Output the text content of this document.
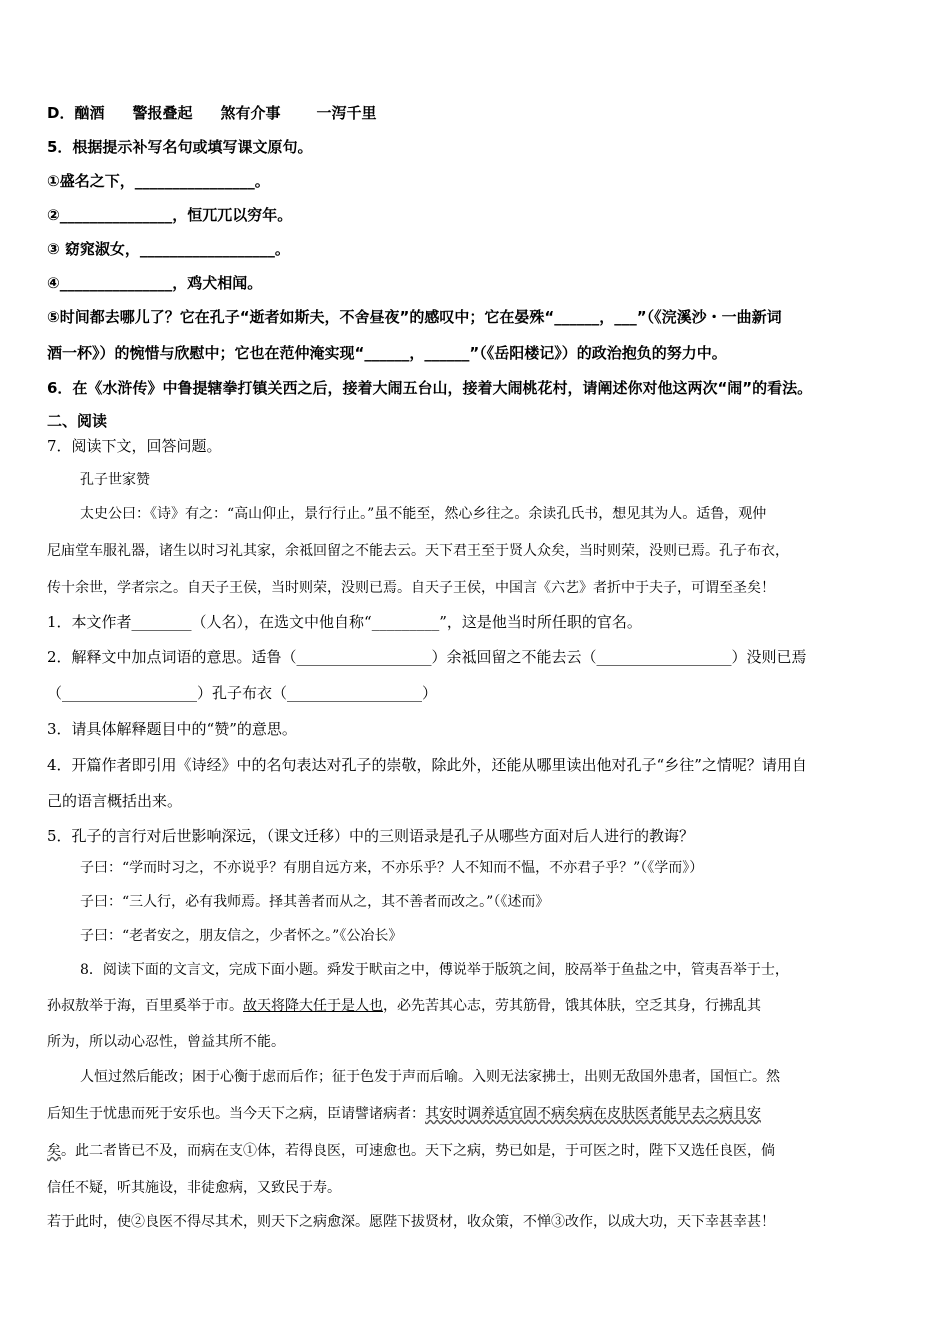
D．酗酒 警报叠起 煞有介事 一泻千里
5．根据提示补写名句或填写课文原句。
①盛名之下，________________。
②_______________，恒兀兀以穷年。
③ 窈窕淑女，__________________。
④_______________，鸡犬相闻。
⑤时间都去哪儿了？它在孔子“逝者如斯夫，不舍昼夜”的感叹中；它在晏殊“______，___”（《浣溪沙・一曲新词
酒一杯》）的惋惜与欣慰中；它也在范仲淹实现“______，______”（《岳阳楼记》）的政治抱负的努力中。
6．在《水浒传》中鲁提辖拳打镇关西之后，接着大闹五台山，接着大闹桃花村，请阐述你对他这两次“闹”的看法。
二、阅读
7．阅读下文，回答问题。
孔子世家赞
太史公曰：《诗》有之：“高山仰止，景行行止。”虽不能至，然心乡往之。余读孔氏书，想见其为人。适鲁，观仲
尼庙堂车服礼器，诸生以时习礼其家，余祗回留之不能去云。天下君王至于贤人众矣，当时则荣，没则已焉。孔子布衣，
传十余世，学者宗之。自天子王侯，当时则荣，没则已焉。自天子王侯，中国言《六艺》者折中于夫子，可谓至圣矣！
1．本文作者________（人名），在选文中他自称“_________”，这是他当时所任职的官名。
2．解释文中加点词语的意思。适鲁（__________________）余祗回留之不能去云（__________________）没则已焉
（__________________）孔子布衣（__________________）
3．请具体解释题目中的“赞”的意思。
4．开篇作者即引用《诗经》中的名句表达对孔子的崇敬，除此外，还能从哪里读出他对孔子“乡往”之情呢？请用自
己的语言概括出来。
5．孔子的言行对后世影响深远，（课文迁移）中的三则语录是孔子从哪些方面对后人进行的教诲？
子曰：“学而时习之，不亦说乎？有朋自远方来，不亦乐乎？人不知而不愠，不亦君子乎？”（《学而》）
子曰：“三人行，必有我师焉。择其善者而从之，其不善者而改之。”（《述而》
子曰：“老者安之，朋友信之，少者怀之。”《公冶长》
8．阅读下面的文言文，完成下面小题。舜发于畎亩之中，傅说举于版筑之间，胶鬲举于鱼盐之中，管夷吾举于士，
孙叔敖举于海，百里奚举于市。故天将降大任于是人也，必先苦其心志，劳其筋骨，饿其体肤，空乏其身，行拂乱其
所为，所以动心忍性，曾益其所不能。
人恒过然后能改；困于心衡于虑而后作；征于色发于声而后喻。入则无法家拂士，出则无敌国外患者，国恒亡。然
后知生于忧患而死于安乐也。当今天下之病，臣请譬诸病者：其安时调养适宜固不病矣病在皮肤医者能早去之病且安
矣。此二者皆已不及，而病在支①体，若得良医，可速愈也。天下之病，势已如是，于可医之时，陛下又选任良医，倘
信任不疑，听其施设，非徒愈病，又致民于寿。
若于此时，使②良医不得尽其术，则天下之病愈深。愿陛下拔贤材，收众策，不惮③改作，以成大功，天下幸甚幸甚！
